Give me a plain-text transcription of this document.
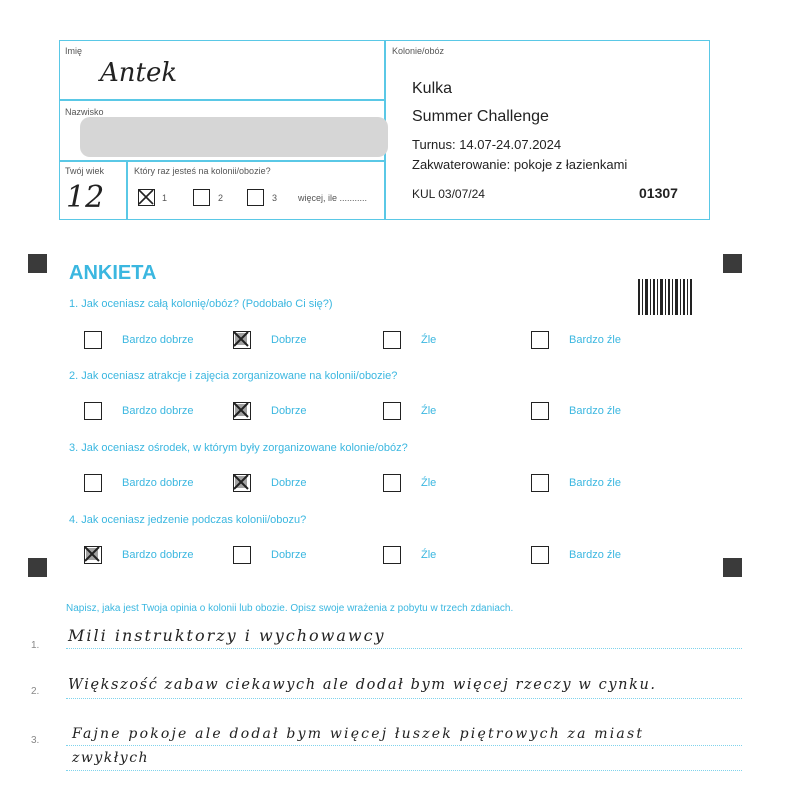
Imię
Antek
Nazwisko
Twój wiek
12
Który raz jesteś na kolonii/obozie?
1	2	3 więcej, ile ...........
Kolonie/obóz
Kulka
Summer Challenge
Turnus: 14.07-24.07.2024
Zakwaterowanie: pokoje z łazienkami
KUL 03/07/24	01307
ANKIETA
1. Jak oceniasz całą kolonię/obóz? (Podobało Ci się?)
Bardzo dobrze	Dobrze	Źle	Bardzo źle
2. Jak oceniasz atrakcje i zajęcia zorganizowane na kolonii/obozie?
Bardzo dobrze	Dobrze	Źle	Bardzo źle
3. Jak oceniasz ośrodek, w którym były zorganizowane kolonie/obóz?
Bardzo dobrze	Dobrze	Źle	Bardzo źle
4. Jak oceniasz jedzenie podczas kolonii/obozu?
Bardzo dobrze	Dobrze	Źle	Bardzo źle
Napisz, jaka jest Twoja opinia o kolonii lub obozie. Opisz swoje wrażenia z pobytu w trzech zdaniach.
1.
Mili instruktorzy i wychowawcy
2. Większość zabaw ciekawych ale dodał bym więcej rzeczy w cynku.
3. Fajne pokoje ale dodał bym więcej łuszek piętrowych za miast
zwykłych
